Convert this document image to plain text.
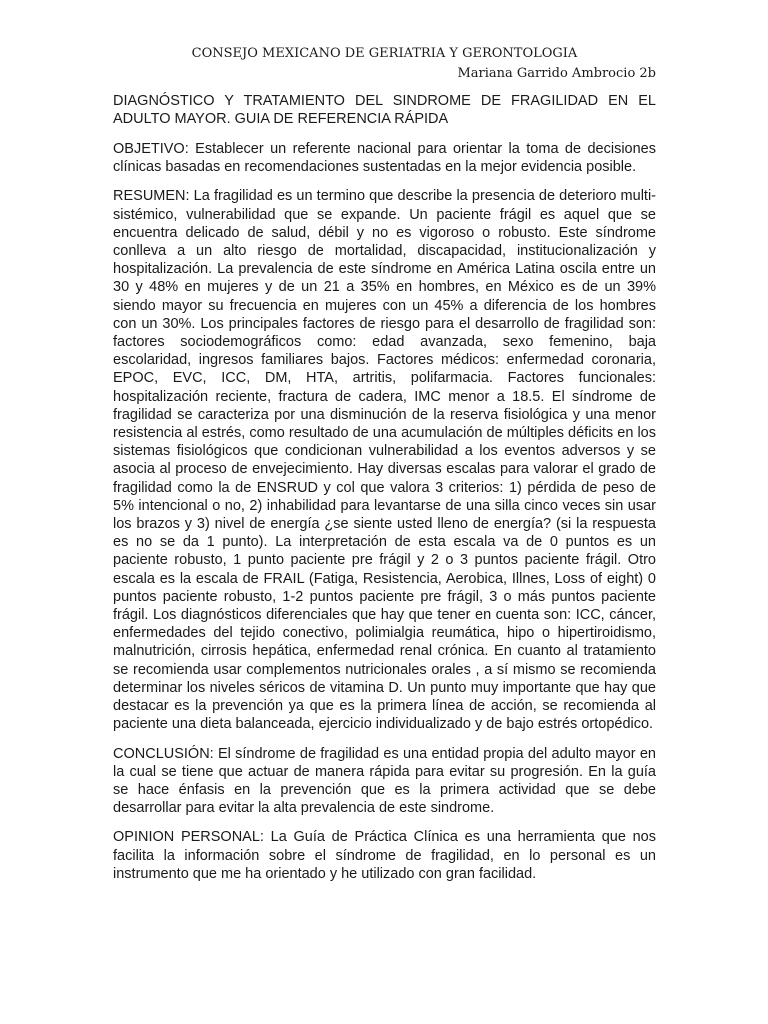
CONSEJO MEXICANO DE GERIATRIA Y GERONTOLOGIA

Mariana Garrido Ambrocio 2b

DIAGNÓSTICO Y TRATAMIENTO DEL SINDROME DE FRAGILIDAD EN EL ADULTO MAYOR. GUIA DE REFERENCIA RÁPIDA

OBJETIVO: Establecer un referente nacional para orientar la toma de decisiones clínicas basadas en recomendaciones sustentadas en la mejor evidencia posible.

RESUMEN: La fragilidad es un termino que describe la presencia de deterioro multi-sistémico, vulnerabilidad que se expande. Un paciente frágil es aquel que se encuentra delicado de salud, débil y no es vigoroso o robusto. Este síndrome conlleva a un alto riesgo de mortalidad, discapacidad, institucionalización y hospitalización. La prevalencia de este síndrome en América Latina oscila entre un 30 y 48% en mujeres y de un 21 a 35% en hombres, en México es de un 39% siendo mayor su frecuencia en mujeres con un 45% a diferencia de los hombres con un 30%. Los principales factores de riesgo para el desarrollo de fragilidad son: factores sociodemográficos como: edad avanzada, sexo femenino, baja escolaridad, ingresos familiares bajos. Factores médicos: enfermedad coronaria, EPOC, EVC, ICC, DM, HTA, artritis, polifarmacia. Factores funcionales: hospitalización reciente, fractura de cadera, IMC menor a 18.5. El síndrome de fragilidad se caracteriza por una disminución de la reserva fisiológica y una menor resistencia al estrés, como resultado de una acumulación de múltiples déficits en los sistemas fisiológicos que condicionan vulnerabilidad a los eventos adversos y se asocia al proceso de envejecimiento. Hay diversas escalas para valorar el grado de fragilidad como la de ENSRUD y col que valora 3 criterios: 1) pérdida de peso de 5% intencional o no, 2) inhabilidad para levantarse de una silla cinco veces sin usar los brazos y 3) nivel de energía ¿se siente usted lleno de energía? (si la respuesta es no se da 1 punto). La interpretación de esta escala va de 0 puntos es un paciente robusto, 1 punto paciente pre frágil y 2 o 3 puntos paciente frágil. Otro escala es la escala de FRAIL (Fatiga, Resistencia, Aerobica, Illnes, Loss of eight) 0 puntos paciente robusto, 1-2 puntos paciente pre frágil, 3 o más puntos paciente frágil. Los diagnósticos diferenciales que hay que tener en cuenta son: ICC, cáncer, enfermedades del tejido conectivo, polimialgia reumática, hipo o hipertiroidismo, malnutrición, cirrosis hepática, enfermedad renal crónica. En cuanto al tratamiento se recomienda usar complementos nutricionales orales , a sí mismo se recomienda determinar los niveles séricos de vitamina D. Un punto muy importante que hay que destacar es la prevención ya que es la primera línea de acción, se recomienda al paciente una dieta balanceada, ejercicio individualizado y de bajo estrés ortopédico.

CONCLUSIÓN: El síndrome de fragilidad es una entidad propia del adulto mayor en la cual se tiene que actuar de manera rápida para evitar su progresión. En la guía se hace énfasis en la prevención que es la primera actividad que se debe desarrollar para evitar la alta prevalencia de este sindrome.

OPINION PERSONAL: La Guía de Práctica Clínica es una herramienta que nos facilita la información sobre el síndrome de fragilidad, en lo personal es un instrumento que me ha orientado y he utilizado con gran facilidad.
